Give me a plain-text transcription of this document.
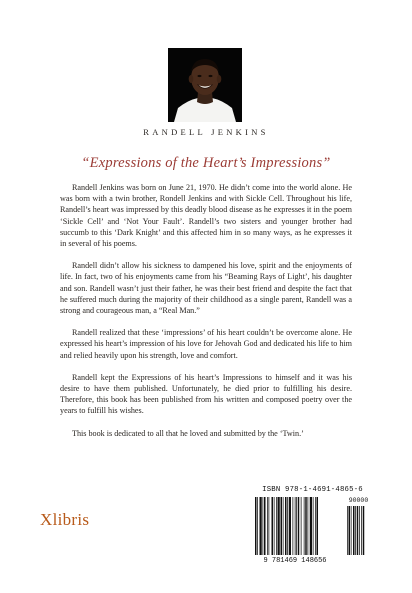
RANDELL JENKINS
“Expressions of the Heart’s Impressions”

Randell Jenkins was born on June 21, 1970. He didn’t come into the world alone. He was born with a twin brother, Rondell Jenkins and with Sickle Cell. Throughout his life, Randell’s heart was impressed by this deadly blood disease as he expresses it in the poem ‘Sickle Cell’ and ‘Not Your Fault’. Randell’s two sisters and younger brother had succumb to this ‘Dark Knight’ and this affected him in so many ways, as he expresses it in several of his poems.

Randell didn’t allow his sickness to dampened his love, spirit and the enjoyments of life. In fact, two of his enjoyments came from his “Beaming Rays of Light’, his daughter and son. Randell wasn’t just their father, he was their best friend and despite the fact that he suffered much during the majority of their childhood as a single parent, Randell was a strong and courageous man, a “Real Man.”

Randell realized that these ‘impressions’ of his heart couldn’t be overcome alone. He expressed his heart’s impression of his love for Jehovah God and dedicated his life to him and relied heavily upon his strength, love and comfort.

Randell kept the Expressions of his heart’s Impressions to himself and it was his desire to have them published. Unfortunately, he died prior to fulfilling his desire. Therefore, this book has been published from his written and composed poetry over the years to fulfill his wishes.

This book is dedicated to all that he loved and submitted by the ‘Twin.’

Xlibris
ISBN 978-1-4691-4865-6
9 781469 148656
90000
